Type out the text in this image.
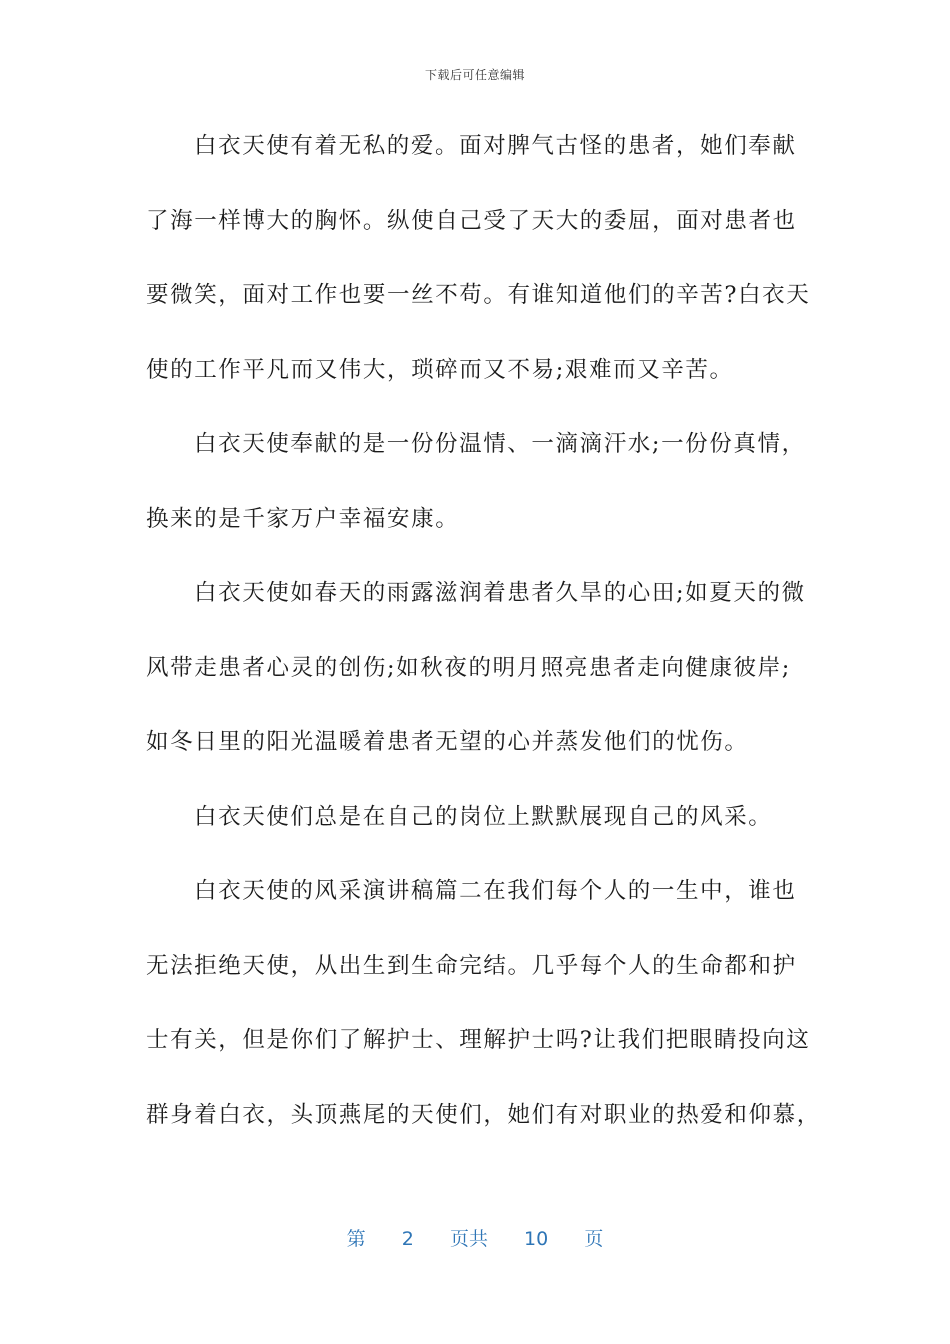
下载后可任意编辑
白衣天使有着无私的爱。面对脾气古怪的患者，她们奉献
了海一样博大的胸怀。纵使自己受了天大的委屈，面对患者也
要微笑，面对工作也要一丝不苟。有谁知道他们的辛苦?白衣天
使的工作平凡而又伟大，琐碎而又不易;艰难而又辛苦。
白衣天使奉献的是一份份温情、一滴滴汗水;一份份真情，
换来的是千家万户幸福安康。
白衣天使如春天的雨露滋润着患者久旱的心田;如夏天的微
风带走患者心灵的创伤;如秋夜的明月照亮患者走向健康彼岸;
如冬日里的阳光温暖着患者无望的心并蒸发他们的忧伤。
白衣天使们总是在自己的岗位上默默展现自己的风采。
白衣天使的风采演讲稿篇二在我们每个人的一生中，谁也
无法拒绝天使，从出生到生命完结。几乎每个人的生命都和护
士有关，但是你们了解护士、理解护士吗?让我们把眼睛投向这
群身着白衣，头顶燕尾的天使们，她们有对职业的热爱和仰慕，
第 2 页共 10 页
